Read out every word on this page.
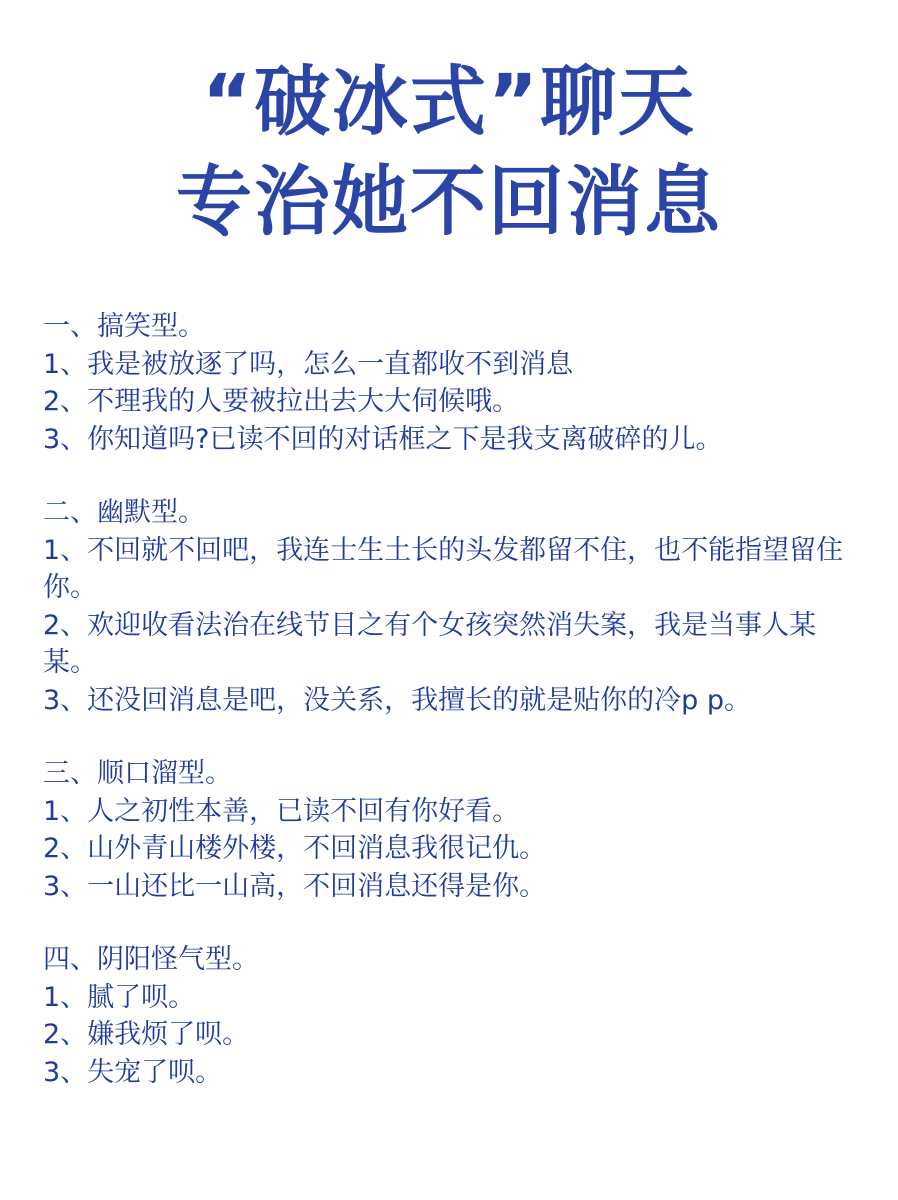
“破冰式”聊天
专治她不回消息
一、搞笑型。
1、我是被放逐了吗，怎么一直都收不到消息
2、不理我的人要被拉出去大大伺候哦。
3、你知道吗?已读不回的对话框之下是我支离破碎的儿。
二、幽默型。
1、不回就不回吧，我连士生土长的头发都留不住，也不能指望留住你。
2、欢迎收看法治在线节目之有个女孩突然消失案，我是当事人某某。
3、还没回消息是吧，没关系，我擅长的就是贴你的冷p p。
三、顺口溜型。
1、人之初性本善，已读不回有你好看。
2、山外青山楼外楼，不回消息我很记仇。
3、一山还比一山高，不回消息还得是你。
四、阴阳怪气型。
1、腻了呗。
2、嫌我烦了呗。
3、失宠了呗。
